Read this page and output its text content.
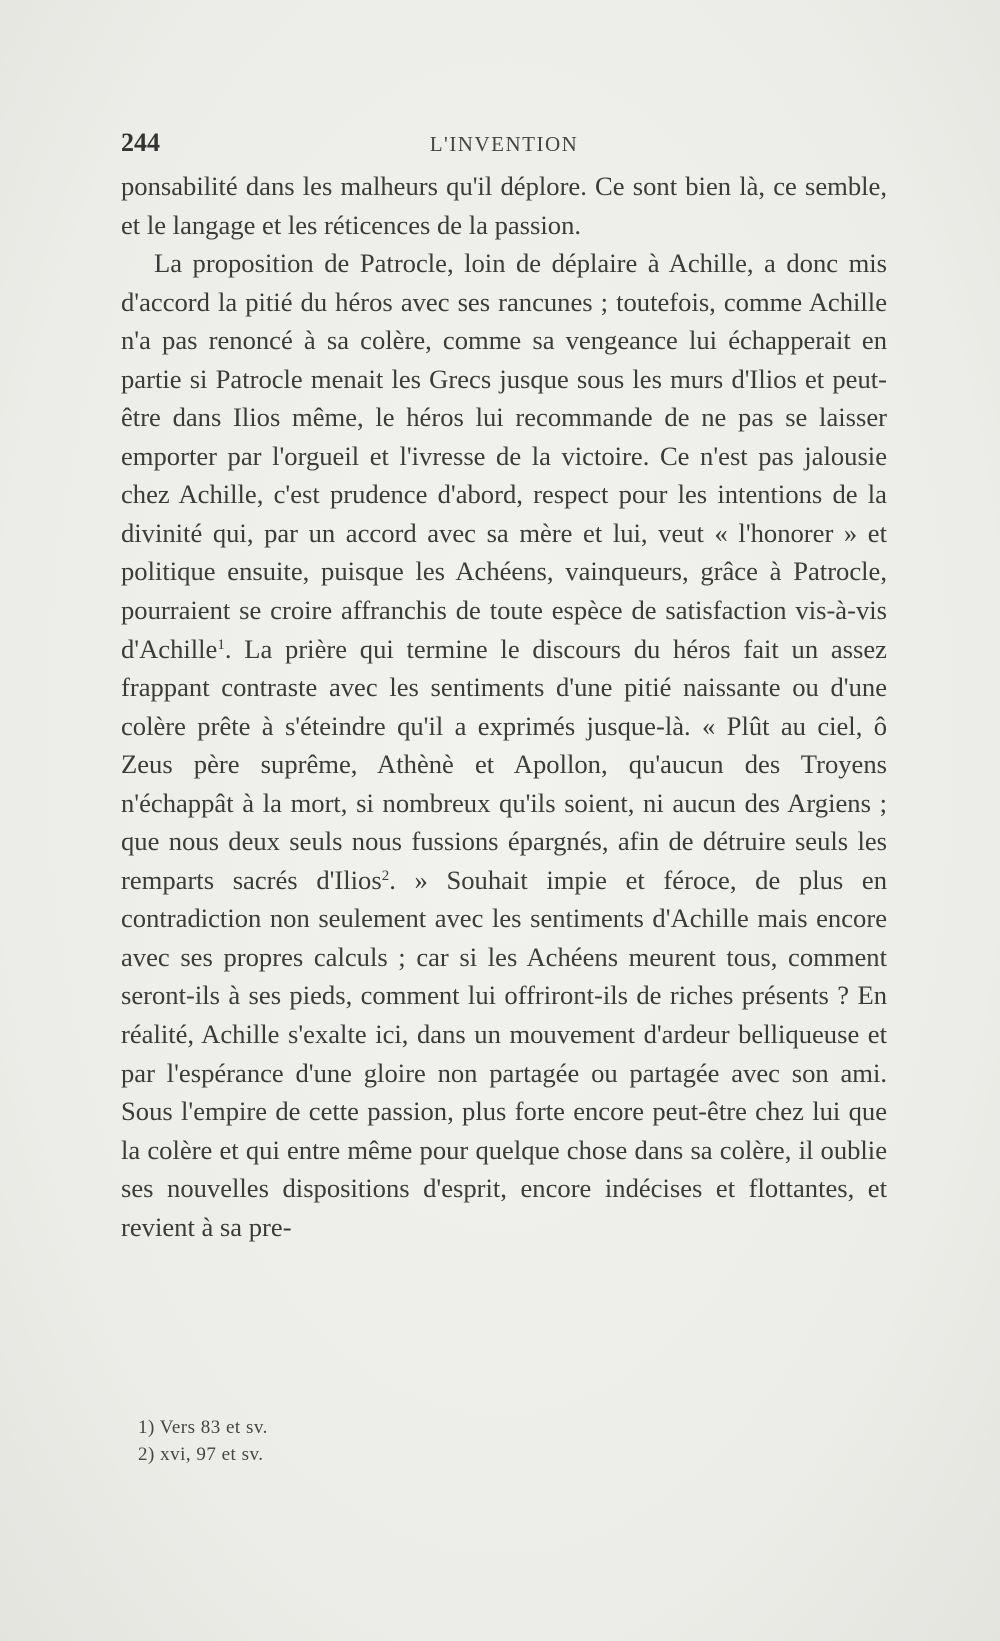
244	L'INVENTION

ponsabilité dans les malheurs qu'il déplore. Ce sont bien là, ce semble, et le langage et les réticences de la passion.

La proposition de Patrocle, loin de déplaire à Achille, a donc mis d'accord la pitié du héros avec ses rancunes ; toutefois, comme Achille n'a pas renoncé à sa colère, comme sa vengeance lui échapperait en partie si Patrocle menait les Grecs jusque sous les murs d'Ilios et peut-être dans Ilios même, le héros lui recommande de ne pas se laisser emporter par l'orgueil et l'ivresse de la victoire. Ce n'est pas jalousie chez Achille, c'est prudence d'abord, respect pour les intentions de la divinité qui, par un accord avec sa mère et lui, veut « l'honorer » et politique ensuite, puisque les Achéens, vainqueurs, grâce à Patrocle, pourraient se croire affranchis de toute espèce de satisfaction vis-à-vis d'Achille$^1$. La prière qui termine le discours du héros fait un assez frappant contraste avec les sentiments d'une pitié naissante ou d'une colère prête à s'éteindre qu'il a exprimés jusque-là. « Plût au ciel, ô Zeus père suprême, Athènè et Apollon, qu'aucun des Troyens n'échappât à la mort, si nombreux qu'ils soient, ni aucun des Argiens ; que nous deux seuls nous fussions épargnés, afin de détruire seuls les remparts sacrés d'Ilios$^2$. » Souhait impie et féroce, de plus en contradiction non seulement avec les sentiments d'Achille mais encore avec ses propres calculs ; car si les Achéens meurent tous, comment seront-ils à ses pieds, comment lui offriront-ils de riches présents ? En réalité, Achille s'exalte ici, dans un mouvement d'ardeur belliqueuse et par l'espérance d'une gloire non partagée ou partagée avec son ami. Sous l'empire de cette passion, plus forte encore peut-être chez lui que la colère et qui entre même pour quelque chose dans sa colère, il oublie ses nouvelles dispositions d'esprit, encore indécises et flottantes, et revient à sa pre-

1) Vers 83 et sv.
2) xvi, 97 et sv.
